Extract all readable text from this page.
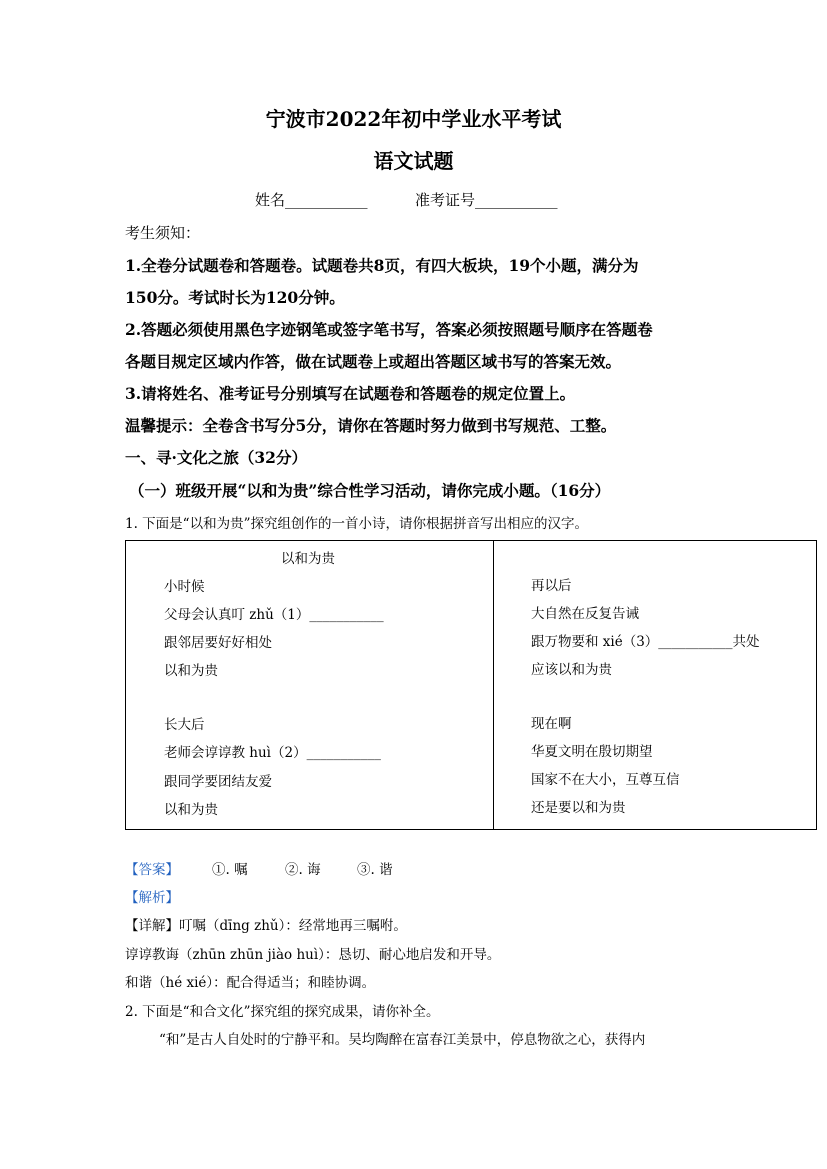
宁波市2022年初中学业水平考试
语文试题
姓名___________	准考证号___________
考生须知：
1.全卷分试题卷和答题卷。试题卷共8页，有四大板块，19个小题，满分为
150分。考试时长为120分钟。
2.答题必须使用黑色字迹钢笔或签字笔书写，答案必须按照题号顺序在答题卷
各题目规定区域内作答，做在试题卷上或超出答题区域书写的答案无效。
3.请将姓名、准考证号分别填写在试题卷和答题卷的规定位置上。
温馨提示：全卷含书写分5分，请你在答题时努力做到书写规范、工整。
一、寻·文化之旅（32分）
（一）班级开展“以和为贵”综合性学习活动，请你完成小题。（16分）
1. 下面是“以和为贵”探究组创作的一首小诗，请你根据拼音写出相应的汉字。
以和为贵
小时候
父母会认真叮 zhǔ（1）___________
跟邻居要好好相处
以和为贵
长大后
老师会谆谆教 huì（2）___________
跟同学要团结友爱
以和为贵
再以后
大自然在反复告诫
跟万物要和 xié（3）___________共处
应该以和为贵
现在啊
华夏文明在殷切期望
国家不在大小，互尊互信
还是要以和为贵
【答案】 ①. 嘱	②. 诲	③. 谐
【解析】
【详解】叮嘱（dīng zhǔ）：经常地再三嘱咐。
谆谆教诲（zhūn zhūn jiào huì）：恳切、耐心地启发和开导。
和谐（hé xié）：配合得适当；和睦协调。
2. 下面是“和合文化”探究组的探究成果，请你补全。
“和”是古人自处时的宁静平和。吴均陶醉在富春江美景中，停息物欲之心，获得内
